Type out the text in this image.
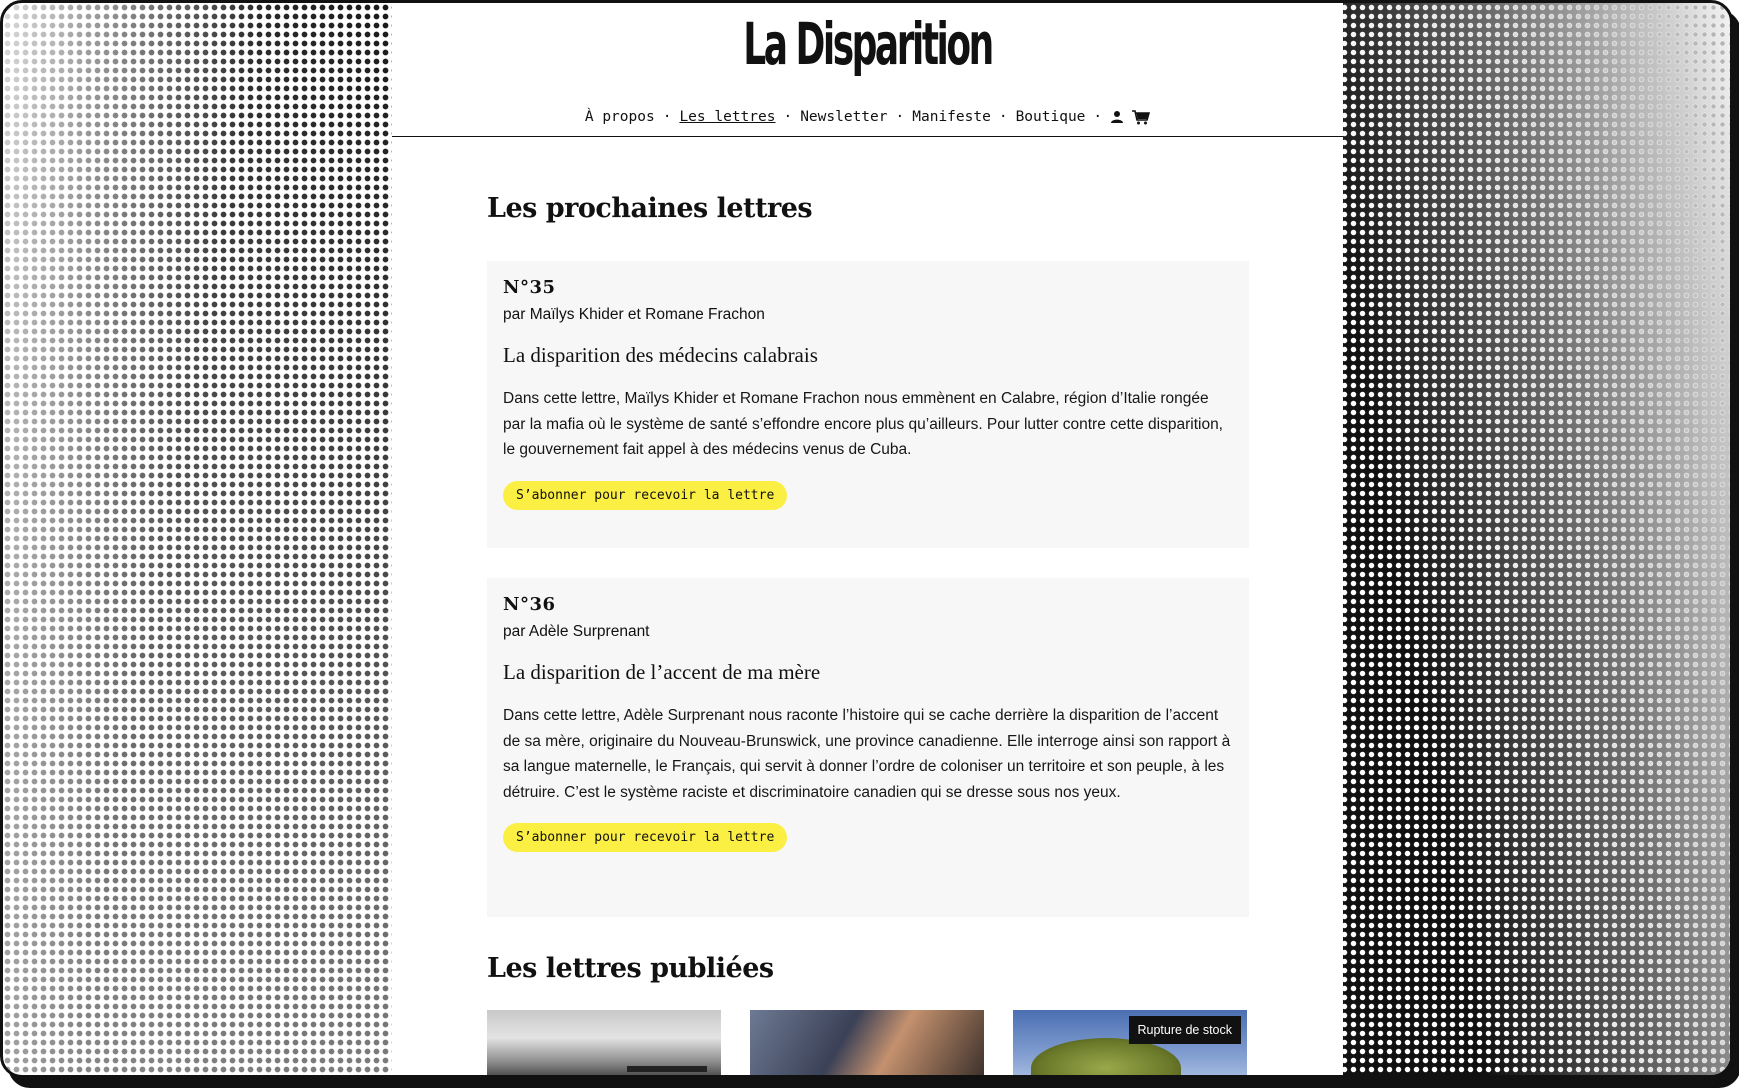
La Disparition
À propos · Les lettres · Newsletter · Manifeste · Boutique ·
Les prochaines lettres
N°35
par Maïlys Khider et Romane Frachon
La disparition des médecins calabrais
Dans cette lettre, Maïlys Khider et Romane Frachon nous emmènent en Calabre, région d’Italie rongée par la mafia où le système de santé s’effondre encore plus qu’ailleurs. Pour lutter contre cette disparition, le gouvernement fait appel à des médecins venus de Cuba.
S’abonner pour recevoir la lettre
N°36
par Adèle Surprenant
La disparition de l’accent de ma mère
Dans cette lettre, Adèle Surprenant nous raconte l’histoire qui se cache derrière la disparition de l’accent de sa mère, originaire du Nouveau-Brunswick, une province canadienne. Elle interroge ainsi son rapport à sa langue maternelle, le Français, qui servit à donner l’ordre de coloniser un territoire et son peuple, à les détruire. C’est le système raciste et discriminatoire canadien qui se dresse sous nos yeux.
S’abonner pour recevoir la lettre
Les lettres publiées
Rupture de stock
